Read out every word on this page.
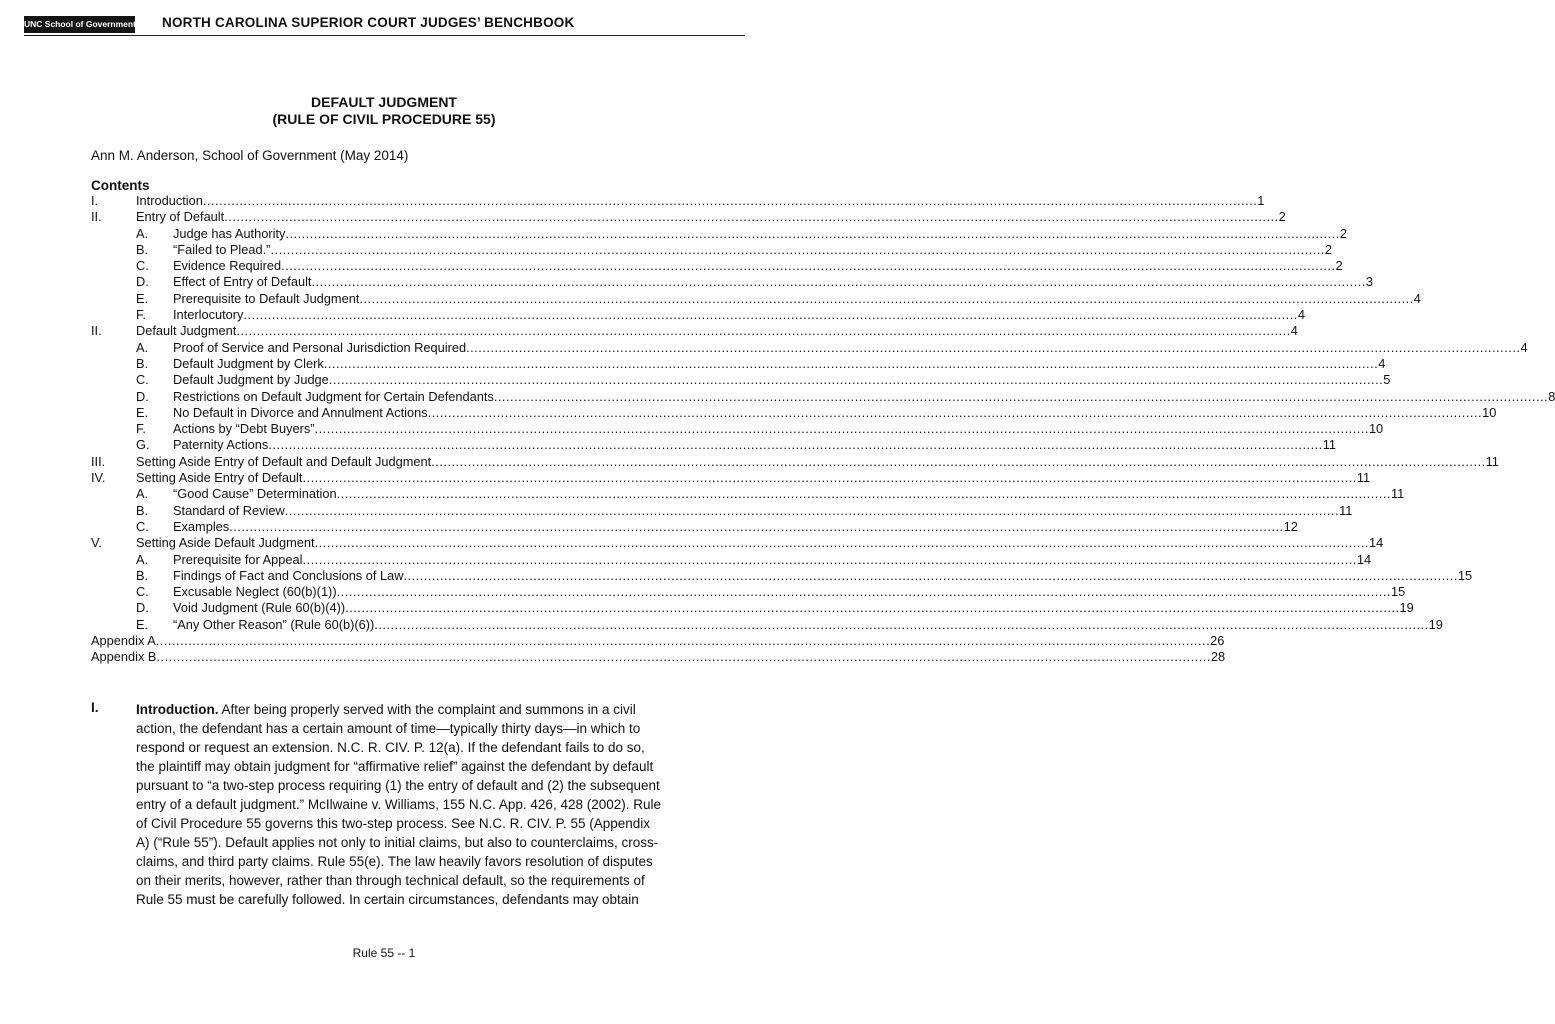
UNC School of Government NORTH CAROLINA SUPERIOR COURT JUDGES’ BENCHBOOK
DEFAULT JUDGMENT
(RULE OF CIVIL PROCEDURE 55)
Ann M. Anderson, School of Government (May 2014)
Contents
I.	Introduction .................................................................................................................................................................................................................................................................... 1
II.	Entry of Default .................................................................................................................................................................................................................................................................... 2
A. Judge has Authority .................................................................................................................................................................................................................................................................... 2
B. “Failed to Plead.” .................................................................................................................................................................................................................................................................... 2
C. Evidence Required .................................................................................................................................................................................................................................................................... 2
D. Effect of Entry of Default .................................................................................................................................................................................................................................................................... 3
E. Prerequisite to Default Judgment .................................................................................................................................................................................................................................................................... 4
F. Interlocutory .................................................................................................................................................................................................................................................................... 4
II.	Default Judgment .................................................................................................................................................................................................................................................................... 4
A. Proof of Service and Personal Jurisdiction Required .................................................................................................................................................................................................................................................................... 4
B. Default Judgment by Clerk .................................................................................................................................................................................................................................................................... 4
C. Default Judgment by Judge .................................................................................................................................................................................................................................................................... 5
D. Restrictions on Default Judgment for Certain Defendants .................................................................................................................................................................................................................................................................... 8
E. No Default in Divorce and Annulment Actions .................................................................................................................................................................................................................................................................... 10
F. Actions by “Debt Buyers” .................................................................................................................................................................................................................................................................... 10
G. Paternity Actions .................................................................................................................................................................................................................................................................... 11
III. Setting Aside Entry of Default and Default Judgment .................................................................................................................................................................................................................................................................... 11
IV. Setting Aside Entry of Default .................................................................................................................................................................................................................................................................... 11
A. “Good Cause” Determination .................................................................................................................................................................................................................................................................... 11
B. Standard of Review .................................................................................................................................................................................................................................................................... 11
C. Examples .................................................................................................................................................................................................................................................................... 12
V.	Setting Aside Default Judgment .................................................................................................................................................................................................................................................................... 14
A. Prerequisite for Appeal .................................................................................................................................................................................................................................................................... 14
B. Findings of Fact and Conclusions of Law .................................................................................................................................................................................................................................................................... 15
C. Excusable Neglect (60(b)(1)) .................................................................................................................................................................................................................................................................... 15
D. Void Judgment (Rule 60(b)(4)) .................................................................................................................................................................................................................................................................... 19
E. “Any Other Reason” (Rule 60(b)(6)) .................................................................................................................................................................................................................................................................... 19
Appendix A .................................................................................................................................................................................................................................................................... 26
Appendix B .................................................................................................................................................................................................................................................................... 28
I.	Introduction. After being properly served with the complaint and summons in a civil
action, the defendant has a certain amount of time—typically thirty days—in which to
respond or request an extension. N.C. R. CIV. P. 12(a). If the defendant fails to do so,
the plaintiff may obtain judgment for “affirmative relief” against the defendant by default
pursuant to “a two-step process requiring (1) the entry of default and (2) the subsequent
entry of a default judgment.” McIlwaine v. Williams, 155 N.C. App. 426, 428 (2002). Rule
of Civil Procedure 55 governs this two-step process. See N.C. R. CIV. P. 55 (Appendix
A) (“Rule 55”). Default applies not only to initial claims, but also to counterclaims, cross-
claims, and third party claims. Rule 55(e). The law heavily favors resolution of disputes
on their merits, however, rather than through technical default, so the requirements of
Rule 55 must be carefully followed. In certain circumstances, defendants may obtain
Rule 55 -- 1
